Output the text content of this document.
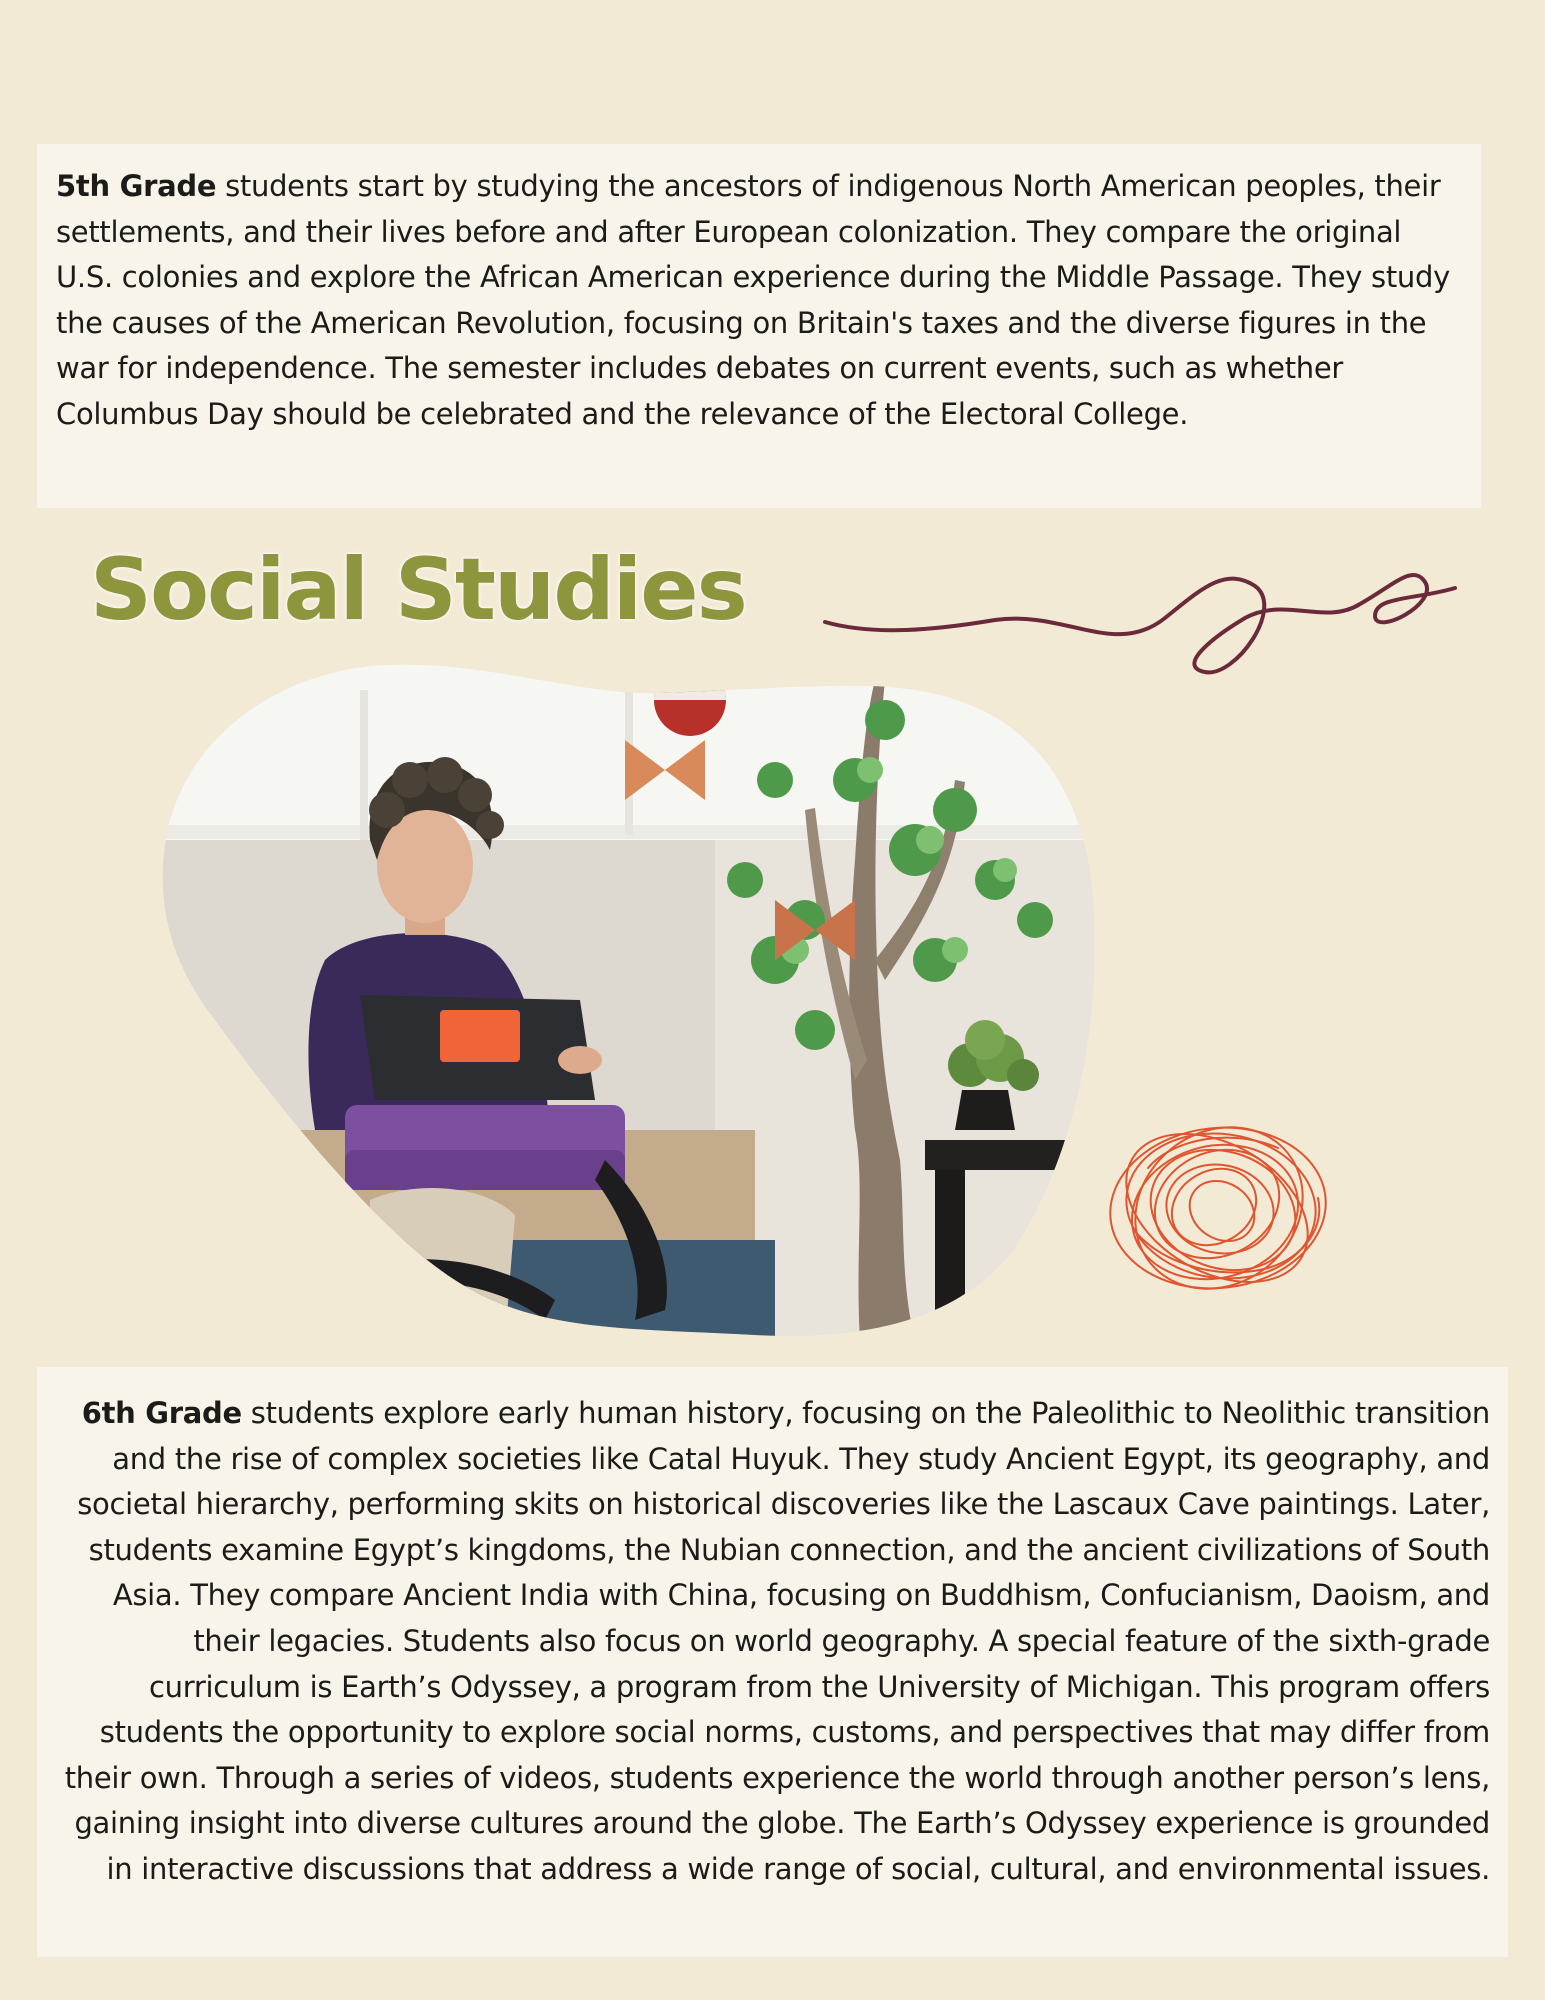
5th Grade students start by studying the ancestors of indigenous North American peoples, their settlements, and their lives before and after European colonization. They compare the original U.S. colonies and explore the African American experience during the Middle Passage. They study the causes of the American Revolution, focusing on Britain's taxes and the diverse figures in the war for independence. The semester includes debates on current events, such as whether Columbus Day should be celebrated and the relevance of the Electoral College.

Social Studies

6th Grade students explore early human history, focusing on the Paleolithic to Neolithic transition and the rise of complex societies like Catal Huyuk. They study Ancient Egypt, its geography, and societal hierarchy, performing skits on historical discoveries like the Lascaux Cave paintings. Later, students examine Egypt’s kingdoms, the Nubian connection, and the ancient civilizations of South Asia. They compare Ancient India with China, focusing on Buddhism, Confucianism, Daoism, and their legacies. Students also focus on world geography. A special feature of the sixth-grade curriculum is Earth’s Odyssey, a program from the University of Michigan. This program offers students the opportunity to explore social norms, customs, and perspectives that may differ from their own. Through a series of videos, students experience the world through another person’s lens, gaining insight into diverse cultures around the globe. The Earth’s Odyssey experience is grounded in interactive discussions that address a wide range of social, cultural, and environmental issues.
